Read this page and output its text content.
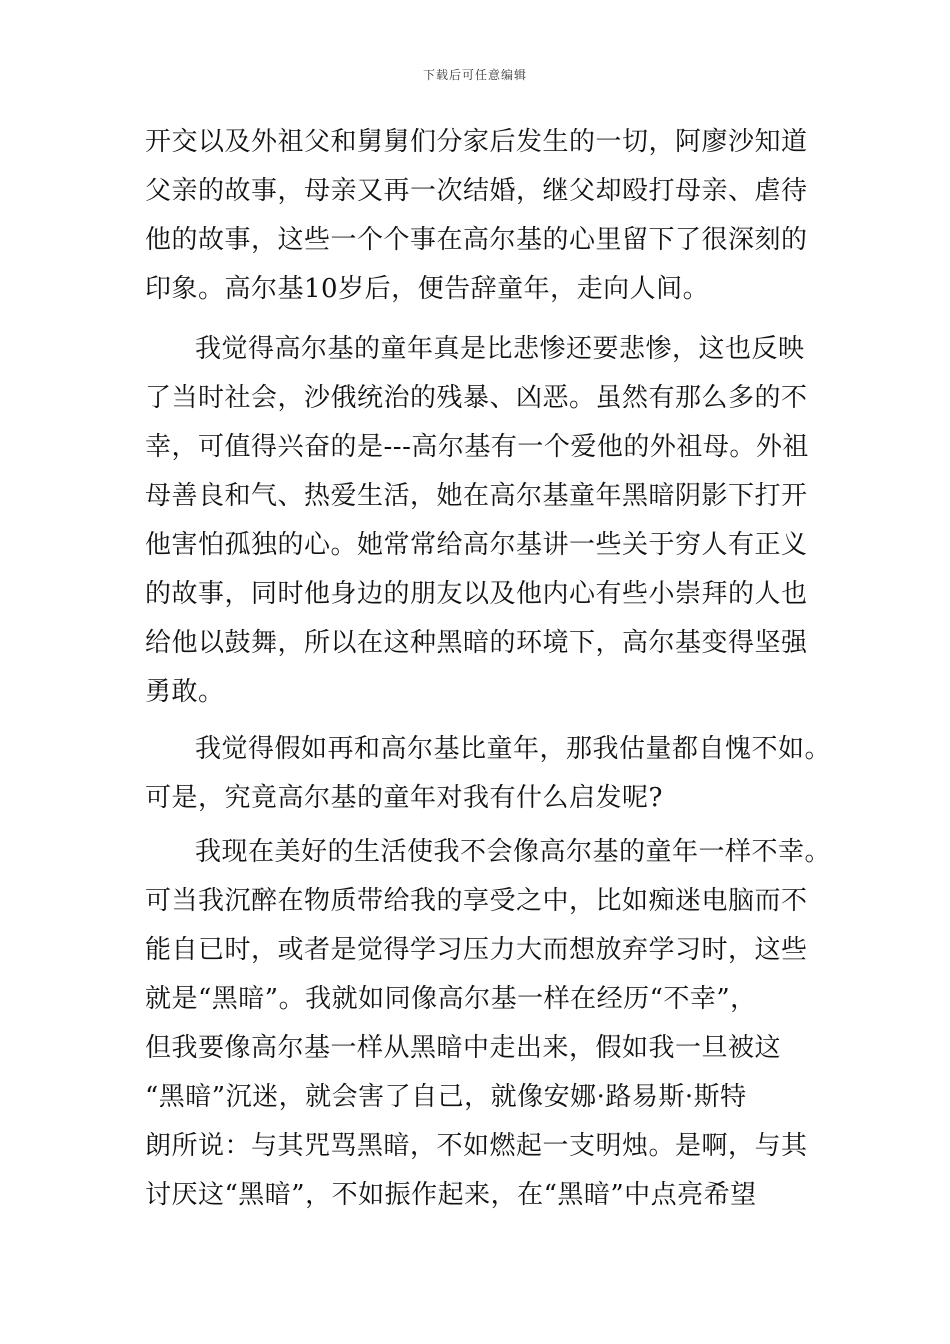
下载后可任意编辑
开交以及外祖父和舅舅们分家后发生的一切，阿廖沙知道
父亲的故事，母亲又再一次结婚，继父却殴打母亲、虐待
他的故事，这些一个个事在高尔基的心里留下了很深刻的
印象。高尔基10岁后，便告辞童年，走向人间。
我觉得高尔基的童年真是比悲惨还要悲惨，这也反映
了当时社会，沙俄统治的残暴、凶恶。虽然有那么多的不
幸，可值得兴奋的是---高尔基有一个爱他的外祖母。外祖
母善良和气、热爱生活，她在高尔基童年黑暗阴影下打开
他害怕孤独的心。她常常给高尔基讲一些关于穷人有正义
的故事，同时他身边的朋友以及他内心有些小崇拜的人也
给他以鼓舞，所以在这种黑暗的环境下，高尔基变得坚强
勇敢。
我觉得假如再和高尔基比童年，那我估量都自愧不如。
可是，究竟高尔基的童年对我有什么启发呢?
我现在美好的生活使我不会像高尔基的童年一样不幸。
可当我沉醉在物质带给我的享受之中，比如痴迷电脑而不
能自已时，或者是觉得学习压力大而想放弃学习时，这些
就是“黑暗”。我就如同像高尔基一样在经历“不幸”，
但我要像高尔基一样从黑暗中走出来，假如我一旦被这
“黑暗”沉迷，就会害了自己，就像安娜·路易斯·斯特
朗所说：与其咒骂黑暗，不如燃起一支明烛。是啊，与其
讨厌这“黑暗”，不如振作起来，在“黑暗”中点亮希望
